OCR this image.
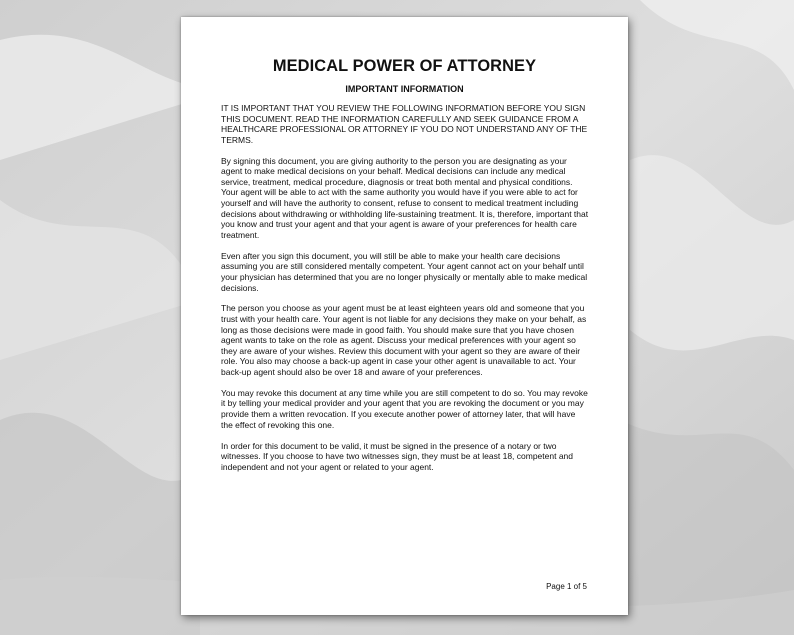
MEDICAL POWER OF ATTORNEY
IMPORTANT INFORMATION

IT IS IMPORTANT THAT YOU REVIEW THE FOLLOWING INFORMATION BEFORE YOU SIGN THIS DOCUMENT. READ THE INFORMATION CAREFULLY AND SEEK GUIDANCE FROM A HEALTHCARE PROFESSIONAL OR ATTORNEY IF YOU DO NOT UNDERSTAND ANY OF THE TERMS.

By signing this document, you are giving authority to the person you are designating as your agent to make medical decisions on your behalf. Medical decisions can include any medical service, treatment, medical procedure, diagnosis or treat both mental and physical conditions. Your agent will be able to act with the same authority you would have if you were able to act for yourself and will have the authority to consent, refuse to consent to medical treatment including decisions about withdrawing or withholding life-sustaining treatment. It is, therefore, important that you know and trust your agent and that your agent is aware of your preferences for health care treatment.

Even after you sign this document, you will still be able to make your health care decisions assuming you are still considered mentally competent. Your agent cannot act on your behalf until your physician has determined that you are no longer physically or mentally able to make medical decisions.

The person you choose as your agent must be at least eighteen years old and someone that you trust with your health care. Your agent is not liable for any decisions they make on your behalf, as long as those decisions were made in good faith. You should make sure that you have chosen agent wants to take on the role as agent. Discuss your medical preferences with your agent so they are aware of your wishes. Review this document with your agent so they are aware of their role. You also may choose a back-up agent in case your other agent is unavailable to act. Your back-up agent should also be over 18 and aware of your preferences.

You may revoke this document at any time while you are still competent to do so. You may revoke it by telling your medical provider and your agent that you are revoking the document or you may provide them a written revocation. If you execute another power of attorney later, that will have the effect of revoking this one.

In order for this document to be valid, it must be signed in the presence of a notary or two witnesses. If you choose to have two witnesses sign, they must be at least 18, competent and independent and not your agent or related to your agent.

Page 1 of 5
